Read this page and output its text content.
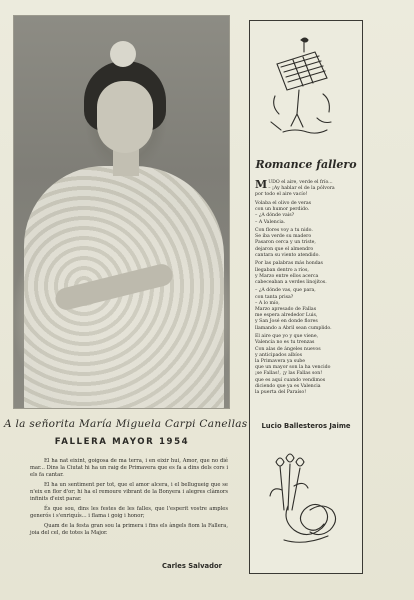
A la señorita María Miguela Carpi Canellas
FALLERA MAYOR 1954

El ha nat eixint, goigosa de ma terra, i en eixir hui, Amor, que no dié mar... Dins la Ciutat hi ha un raig de Primavera que es fa a dins dels cors i els fa cantar.

El ha un sentiment per tot, que el amor alcera, i el bellugueig que se n'eix en flor d'or; hi ha el remoure vibrant de la Bonyera i alegres clàmors infinits d'eixt parar.

És que sou, dins les festes de les falles, que l'esperit vostre amples generós i s'enriquís... i flama i goig i honor;

Quam de la festa gran sou la primera i fins els àngels fiom la Fallera, joia del cel, de totes la Major.

Carles Salvador
Romance fallero
M UDO el aire, verde el frío...
– ¡Ay hablar el de la pólvora
por todo el aire vacío!
Volaba el olivo de veras
con un humor perdido.
– ¿A dónde vais?
– A Valencia.
Con flores voy a tu nido.
Se iba verde su madero
Pasaron cerca y un triste,
dejaron que el almendro
cantara su viento atendido.
Por las palabras más hondas
llegaban dentro a ríos,
y Marzo entre ellos acerca
cabeceaban a verdes linojitos.
– ¿A dónde vas, que para,
con tanta prisa?
– A lo mío,
Marzo apresado de Fallas
me espera alrededor Luis,
y San José en donde flores
llamando a Abril sean cumplido.
El aire que yo y que viene,
Valencia no es tu trenzas
Con alas de ángeles nuevos
y anticipados albíos
la Primavera ya sube
que un mayor son la ha vencido
¡se Fallas!, ¡y las Fallas son!
que es aquí cuando vendimos
diciendo que ya es Valencia
la puerta del Paraíso!
Lucio Ballesteros Jaime
